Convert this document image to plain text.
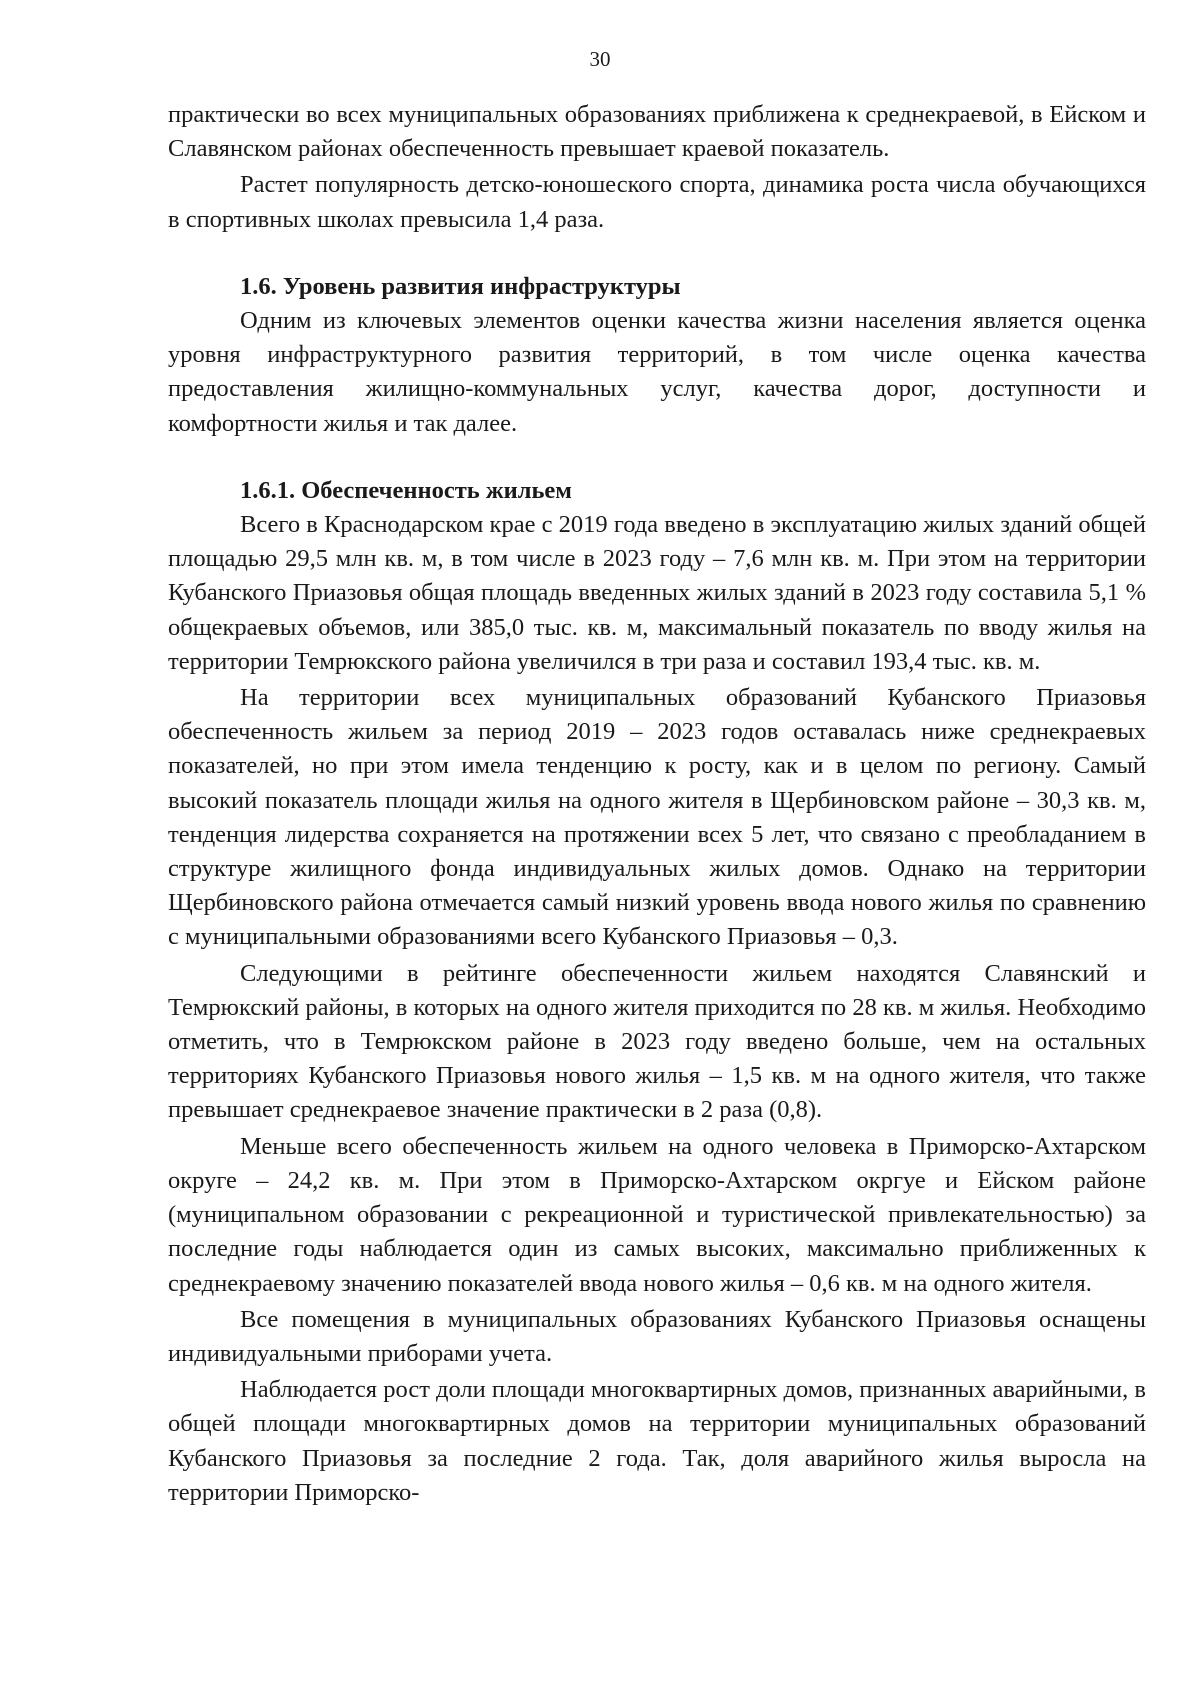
30

практически во всех муниципальных образованиях приближена к среднекраевой, в Ейском и Славянском районах обеспеченность превышает краевой показатель.

Растет популярность детско-юношеского спорта, динамика роста числа обучающихся в спортивных школах превысила 1,4 раза.

1.6. Уровень развития инфраструктуры

Одним из ключевых элементов оценки качества жизни населения является оценка уровня инфраструктурного развития территорий, в том числе оценка качества предоставления жилищно-коммунальных услуг, качества дорог, доступности и комфортности жилья и так далее.

1.6.1. Обеспеченность жильем

Всего в Краснодарском крае с 2019 года введено в эксплуатацию жилых зданий общей площадью 29,5 млн кв. м, в том числе в 2023 году – 7,6 млн кв. м. При этом на территории Кубанского Приазовья общая площадь введенных жилых зданий в 2023 году составила 5,1 % общекраевых объемов, или 385,0 тыс. кв. м, максимальный показатель по вводу жилья на территории Темрюкского района увеличился в три раза и составил 193,4 тыс. кв. м.

На территории всех муниципальных образований Кубанского Приазовья обеспеченность жильем за период 2019 – 2023 годов оставалась ниже среднекраевых показателей, но при этом имела тенденцию к росту, как и в целом по региону. Самый высокий показатель площади жилья на одного жителя в Щербиновском районе – 30,3 кв. м, тенденция лидерства сохраняется на протяжении всех 5 лет, что связано с преобладанием в структуре жилищного фонда индивидуальных жилых домов. Однако на территории Щербиновского района отмечается самый низкий уровень ввода нового жилья по сравнению с муниципальными образованиями всего Кубанского Приазовья – 0,3.

Следующими в рейтинге обеспеченности жильем находятся Славянский и Темрюкский районы, в которых на одного жителя приходится по 28 кв. м жилья. Необходимо отметить, что в Темрюкском районе в 2023 году введено больше, чем на остальных территориях Кубанского Приазовья нового жилья – 1,5 кв. м на одного жителя, что также превышает среднекраевое значение практически в 2 раза (0,8).

Меньше всего обеспеченность жильем на одного человека в Приморско-Ахтарском округе – 24,2 кв. м. При этом в Приморско-Ахтарском окргуе и Ейском районе (муниципальном образовании с рекреационной и туристической привлекательностью) за последние годы наблюдается один из самых высоких, максимально приближенных к среднекраевому значению показателей ввода нового жилья – 0,6 кв. м на одного жителя.

Все помещения в муниципальных образованиях Кубанского Приазовья оснащены индивидуальными приборами учета.

Наблюдается рост доли площади многоквартирных домов, признанных аварийными, в общей площади многоквартирных домов на территории муниципальных образований Кубанского Приазовья за последние 2 года. Так, доля аварийного жилья выросла на территории Приморско-
